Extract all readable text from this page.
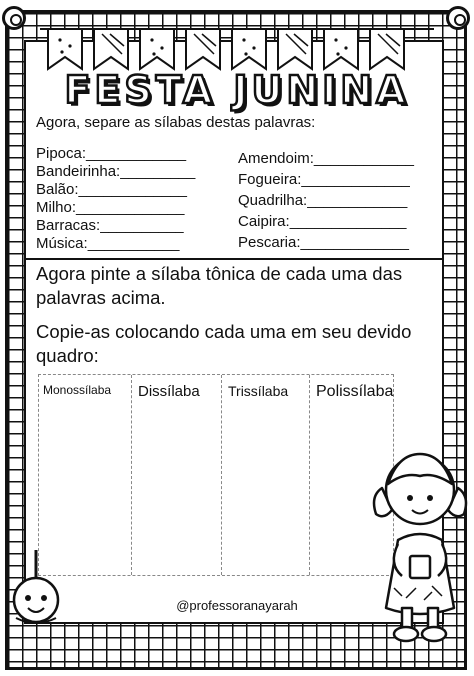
FESTA JUNINA
Agora, separe as sílabas destas palavras:
Pipoca:____________
Bandeirinha:_________
Balão:_____________
Milho:_____________
Barracas:__________
Música:___________
Amendoim:____________
Fogueira:_____________
Quadrilha:____________
Caipira:______________
Pescaria:_____________
Agora pinte a sílaba tônica de cada uma das palavras acima.
Copie-as colocando cada uma em seu devido quadro:
Monossílaba Dissílaba Trissílaba Polissílaba
@professoranayarah
